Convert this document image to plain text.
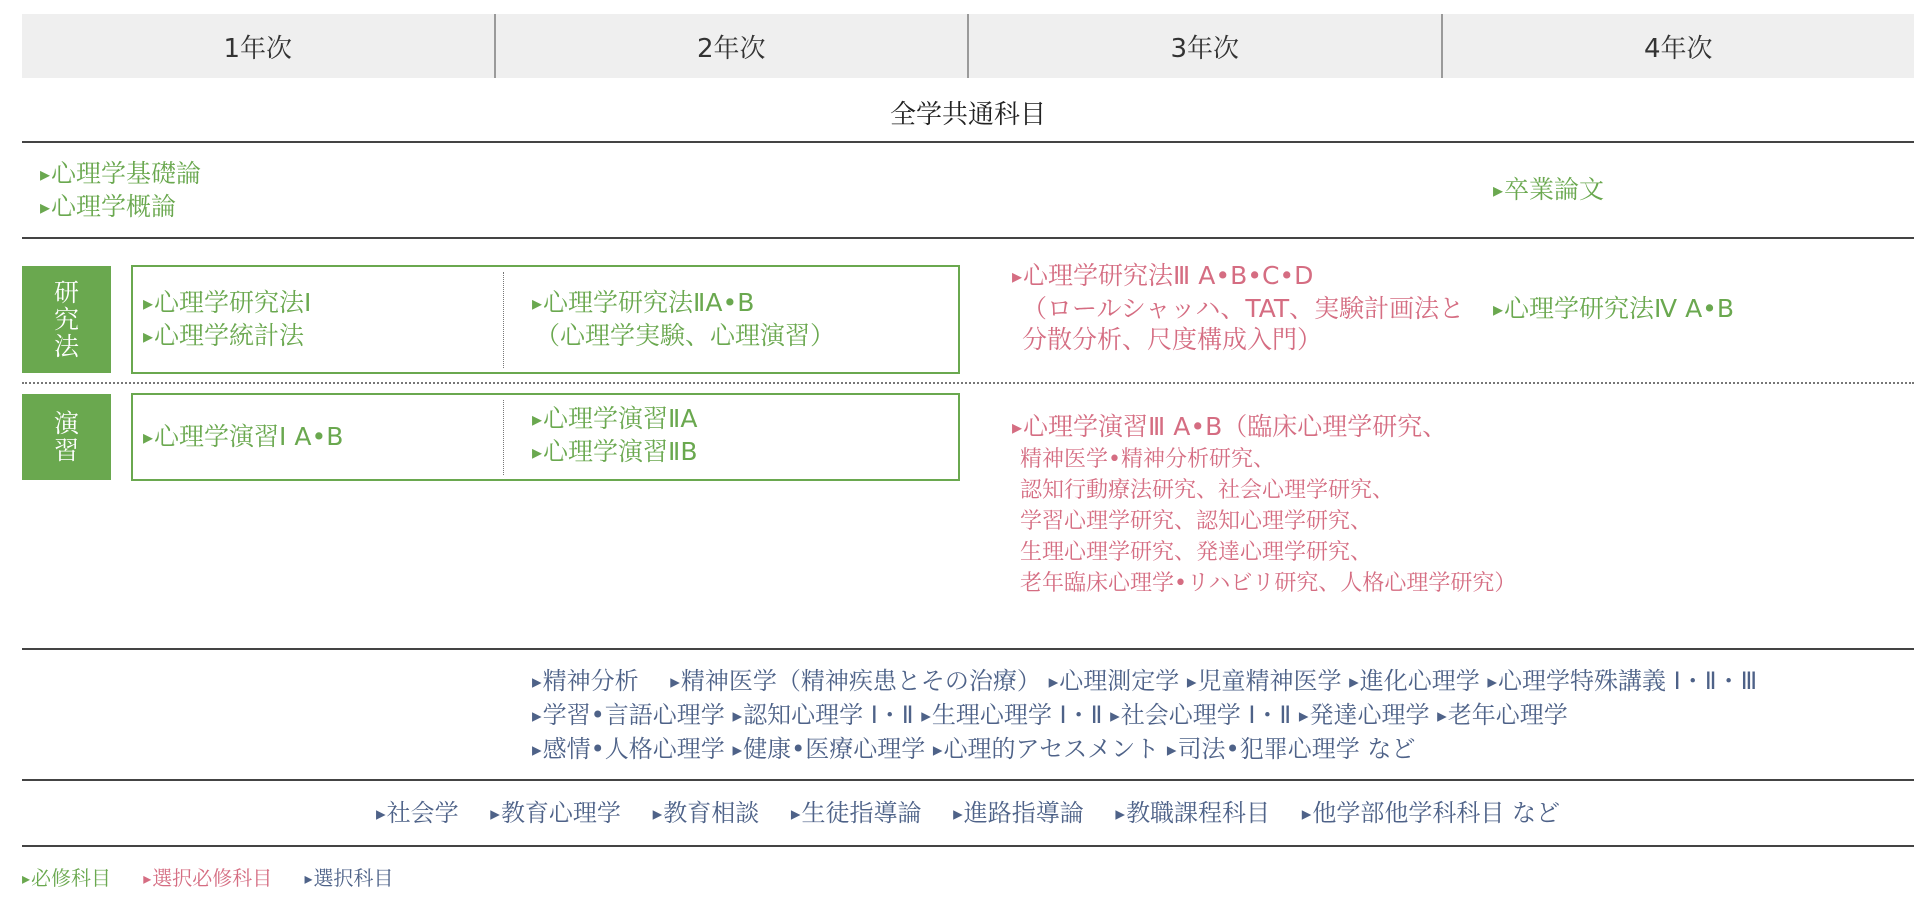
1年次	2年次	3年次	4年次
全学共通科目
▸ 心理学基礎論
▸ 心理学概論
▸ 卒業論文
研
究
法
▸ 心理学研究法Ⅰ
▸ 心理学統計法
▸ 心理学研究法ⅡA•B
（心理学実験、心理演習）
▸ 心理学研究法Ⅲ A•B•C•D
（ロールシャッハ、TAT、実験計画法と
分散分析、尺度構成入門）
▸ 心理学研究法Ⅳ A•B
演
習	▸ 心理学演習Ⅰ A•B
▸ 心理学演習ⅡA
▸ 心理学演習ⅡB
▸ 心理学演習Ⅲ A•B（臨床心理学研究、
精神医学•精神分析研究、
認知行動療法研究、社会心理学研究、
学習心理学研究、認知心理学研究、
生理心理学研究、発達心理学研究、
老年臨床心理学•リハビリ研究、人格心理学研究）
▸ 精神分析　 ▸ 精神医学（精神疾患とその治療） ▸ 心理測定学 ▸ 児童精神医学 ▸ 進化心理学 ▸ 心理学特殊講義 Ⅰ・Ⅱ・Ⅲ
▸ 学習•言語心理学 ▸ 認知心理学 Ⅰ・Ⅱ ▸ 生理心理学 Ⅰ・Ⅱ ▸ 社会心理学 Ⅰ・Ⅱ ▸ 発達心理学 ▸ 老年心理学
▸ 感情•人格心理学 ▸ 健康•医療心理学 ▸ 心理的アセスメント ▸ 司法•犯罪心理学 など
▸ 社会学　 ▸ 教育心理学　 ▸ 教育相談　 ▸ 生徒指導論　 ▸ 進路指導論　 ▸ 教職課程科目　 ▸ 他学部他学科科目 など
▸ 必修科目 ▸ 選択必修科目 ▸ 選択科目
